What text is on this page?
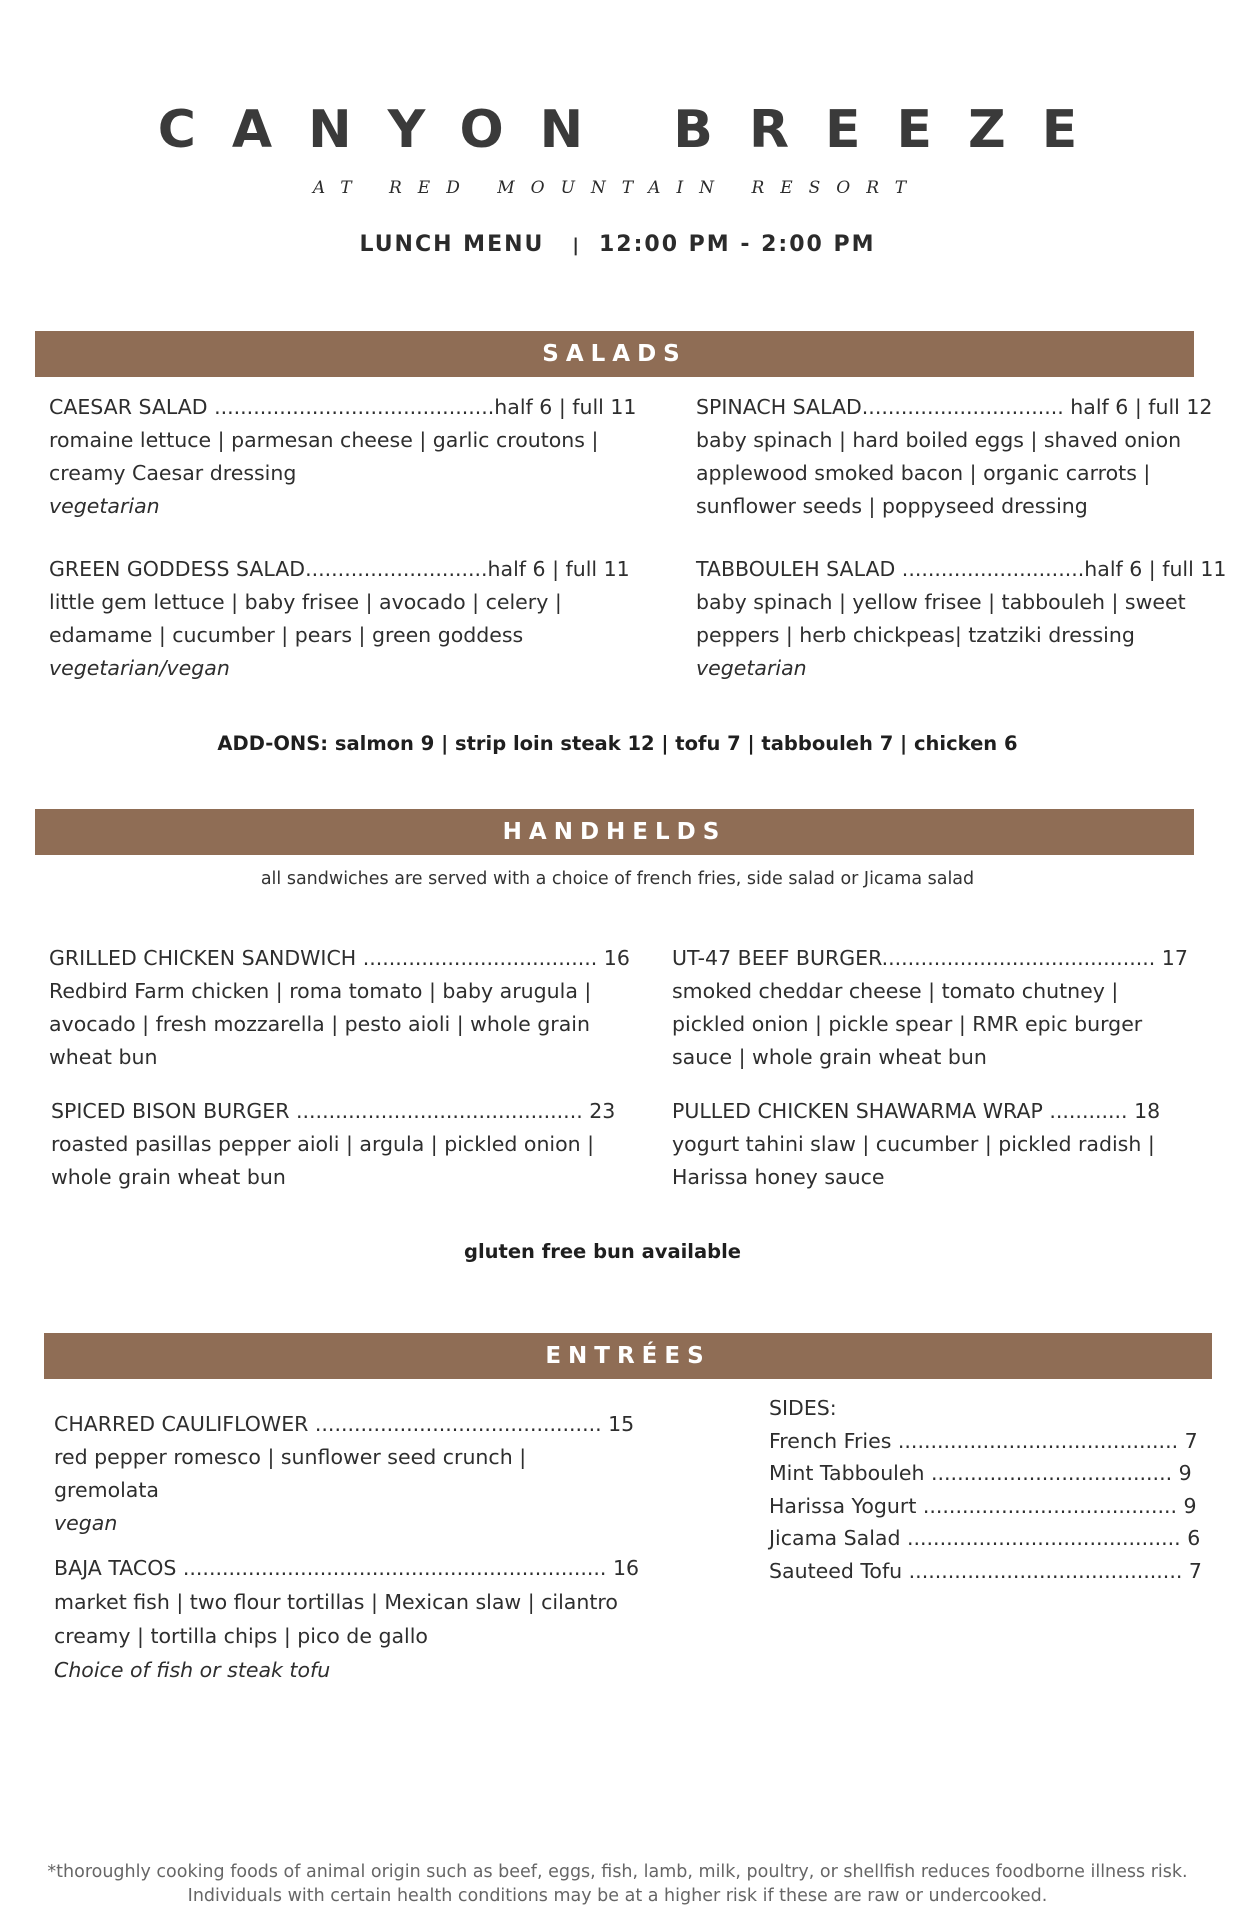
CANYON BREEZE
AT RED MOUNTAIN RESORT
LUNCH MENU | 12:00 PM - 2:00 PM
SALADS
CAESAR SALAD ...........................................half 6 | full 11
romaine lettuce | parmesan cheese | garlic croutons | creamy Caesar dressing
vegetarian
SPINACH SALAD............................... half 6 | full 12
baby spinach | hard boiled eggs | shaved onion applewood smoked bacon | organic carrots | sunflower seeds | poppyseed dressing
GREEN GODDESS SALAD............................half 6 | full 11
little gem lettuce | baby frisee | avocado | celery | edamame | cucumber | pears | green goddess
vegetarian/vegan
TABBOULEH SALAD ............................half 6 | full 11
baby spinach | yellow frisee | tabbouleh | sweet peppers | herb chickpeas| tzatziki dressing
vegetarian
ADD-ONS: salmon 9 | strip loin steak 12 | tofu 7 | tabbouleh 7 | chicken 6
HANDHELDS
all sandwiches are served with a choice of french fries, side salad or Jicama salad
GRILLED CHICKEN SANDWICH .................................... 16
Redbird Farm chicken | roma tomato | baby arugula | avocado | fresh mozzarella | pesto aioli | whole grain wheat bun
UT-47 BEEF BURGER.......................................... 17
smoked cheddar cheese | tomato chutney | pickled onion | pickle spear | RMR epic burger sauce | whole grain wheat bun
SPICED BISON BURGER ............................................ 23
roasted pasillas pepper aioli | argula | pickled onion | whole grain wheat bun
PULLED CHICKEN SHAWARMA WRAP ............ 18
yogurt tahini slaw | cucumber | pickled radish | Harissa honey sauce
gluten free bun available
ENTRÉES
CHARRED CAULIFLOWER ............................................ 15
red pepper romesco | sunflower seed crunch | gremolata
vegan
BAJA TACOS ................................................................. 16
market fish | two flour tortillas | Mexican slaw | cilantro creamy | tortilla chips | pico de gallo
Choice of fish or steak tofu
SIDES:
French Fries ........................................... 7
Mint Tabbouleh ..................................... 9
Harissa Yogurt ....................................... 9
Jicama Salad .......................................... 6
Sauteed Tofu .......................................... 7
*thoroughly cooking foods of animal origin such as beef, eggs, fish, lamb, milk, poultry, or shellfish reduces foodborne illness risk. Individuals with certain health conditions may be at a higher risk if these are raw or undercooked.
